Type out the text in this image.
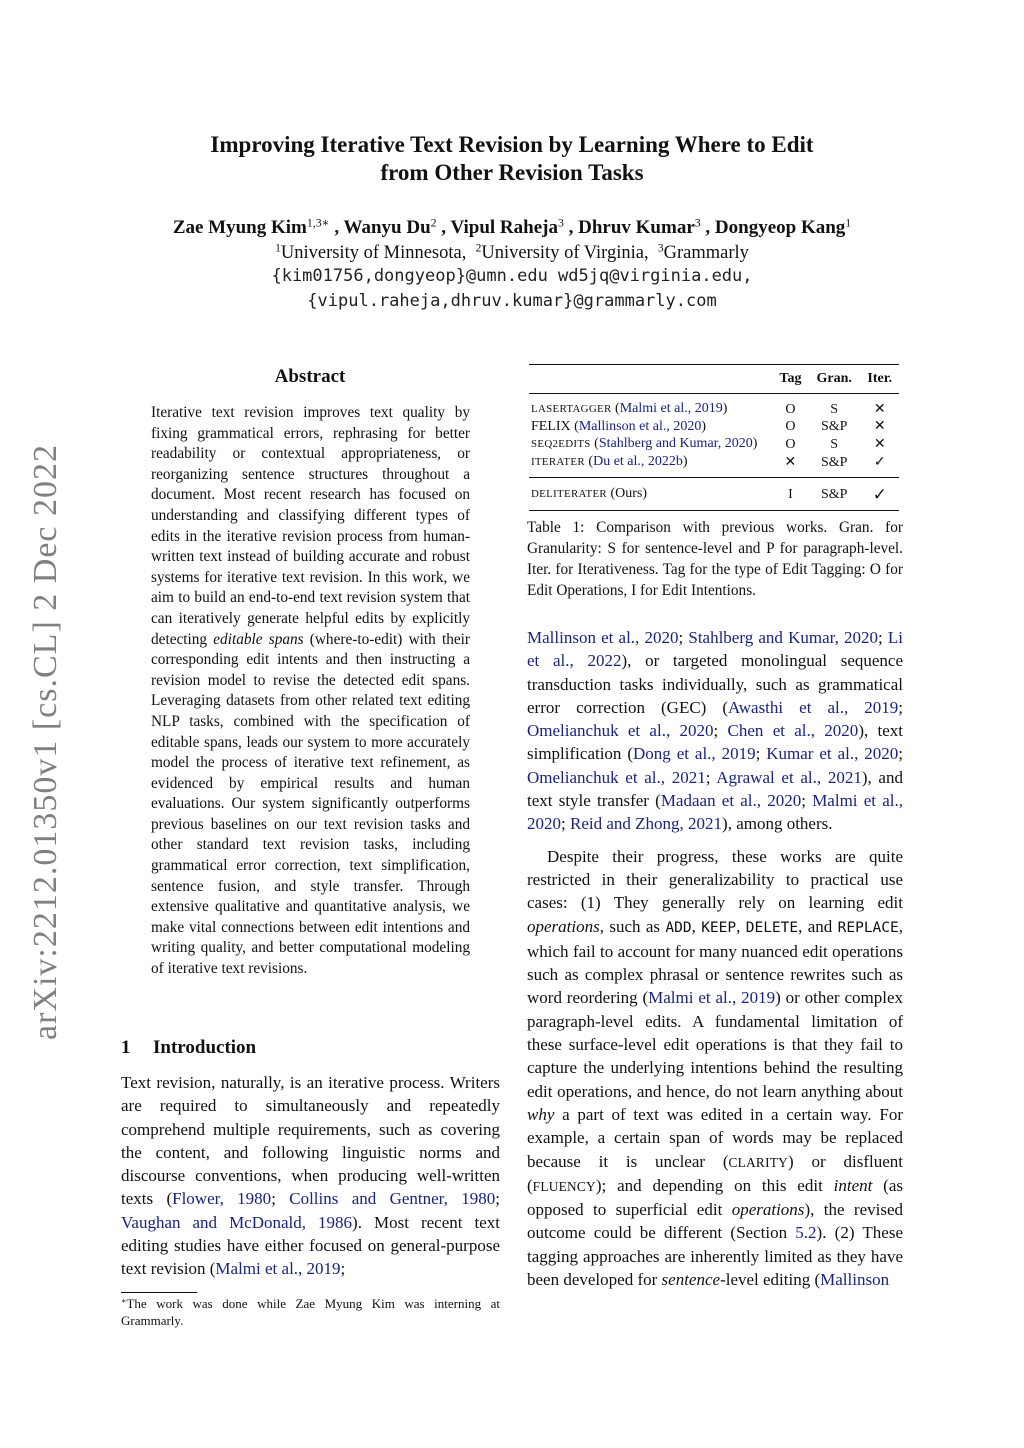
arXiv:2212.01350v1 [cs.CL] 2 Dec 2022
Improving Iterative Text Revision by Learning Where to Edit
from Other Revision Tasks
Zae Myung Kim$^{1,3∗}$ , Wanyu Du$^2$ , Vipul Raheja$^3$ , Dhruv Kumar$^3$ , Dongyeop Kang$^1$
$^1$University of Minnesota, $^2$University of Virginia, $^3$Grammarly
{kim01756,dongyeop}@umn.edu wd5jq@virginia.edu,
{vipul.raheja,dhruv.kumar}@grammarly.com
Abstract
Iterative text revision improves text quality by fixing grammatical errors, rephrasing for better readability or contextual appropriateness, or reorganizing sentence structures throughout a document. Most recent research has focused on understanding and classifying different types of edits in the iterative revision process from human-written text instead of building accurate and robust systems for iterative text revision. In this work, we aim to build an end-to-end text revision system that can iteratively generate helpful edits by explicitly detecting editable spans (where-to-edit) with their corresponding edit intents and then instructing a revision model to revise the detected edit spans. Leveraging datasets from other related text editing NLP tasks, combined with the specification of editable spans, leads our system to more accurately model the process of iterative text refinement, as evidenced by empirical results and human evaluations. Our system significantly outperforms previous baselines on our text revision tasks and other standard text revision tasks, including grammatical error correction, text simplification, sentence fusion, and style transfer. Through extensive qualitative and quantitative analysis, we make vital connections between edit intentions and writing quality, and better computational modeling of iterative text revisions.
1 Introduction

Text revision, naturally, is an iterative process. Writers are required to simultaneously and repeatedly comprehend multiple requirements, such as covering the content, and following linguistic norms and discourse conventions, when producing well-written texts (Flower, 1980; Collins and Gentner, 1980; Vaughan and McDonald, 1986). Most recent text editing studies have either focused on general-purpose text revision (Malmi et al., 2019;

∗The work was done while Zae Myung Kim was interning at Grammarly.
	Tag	Gran.	Iter.
LASERTAGGER (Malmi et al., 2019)	O	S	✕
FELIX (Mallinson et al., 2020)	O	S&P	✕
SEQ2EDITS (Stahlberg and Kumar, 2020)	O	S	✕
ITERATER (Du et al., 2022b)	✕	S&P	✓
DELITERATER (Ours)	I	S&P	✓
Table 1: Comparison with previous works. Gran. for Granularity: S for sentence-level and P for paragraph-level. Iter. for Iterativeness. Tag for the type of Edit Tagging: O for Edit Operations, I for Edit Intentions.

Mallinson et al., 2020; Stahlberg and Kumar, 2020; Li et al., 2022), or targeted monolingual sequence transduction tasks individually, such as grammatical error correction (GEC) (Awasthi et al., 2019; Omelianchuk et al., 2020; Chen et al., 2020), text simplification (Dong et al., 2019; Kumar et al., 2020; Omelianchuk et al., 2021; Agrawal et al., 2021), and text style transfer (Madaan et al., 2020; Malmi et al., 2020; Reid and Zhong, 2021), among others.

Despite their progress, these works are quite restricted in their generalizability to practical use cases: (1) They generally rely on learning edit operations, such as ADD, KEEP, DELETE, and REPLACE, which fail to account for many nuanced edit operations such as complex phrasal or sentence rewrites such as word reordering (Malmi et al., 2019) or other complex paragraph-level edits. A fundamental limitation of these surface-level edit operations is that they fail to capture the underlying intentions behind the resulting edit operations, and hence, do not learn anything about why a part of text was edited in a certain way. For example, a certain span of words may be replaced because it is unclear (CLARITY) or disfluent (FLUENCY); and depending on this edit intent (as opposed to superficial edit operations), the revised outcome could be different (Section 5.2). (2) These tagging approaches are inherently limited as they have been developed for sentence-level editing (Mallinson
